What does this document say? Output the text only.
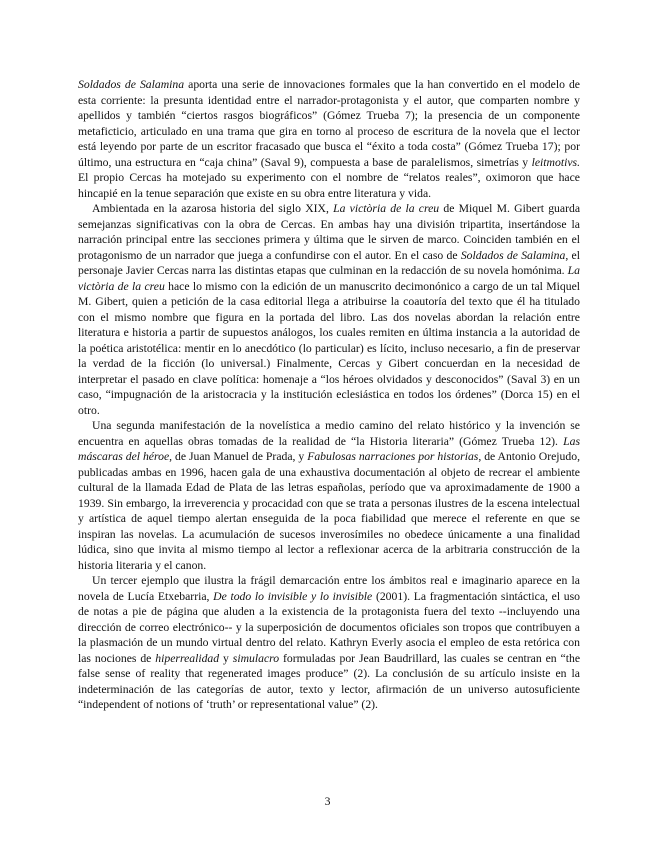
Soldados de Salamina aporta una serie de innovaciones formales que la han convertido en el modelo de esta corriente: la presunta identidad entre el narrador-protagonista y el autor, que comparten nombre y apellidos y también “ciertos rasgos biográficos” (Gómez Trueba 7); la presencia de un componente metaficticio, articulado en una trama que gira en torno al proceso de escritura de la novela que el lector está leyendo por parte de un escritor fracasado que busca el “éxito a toda costa” (Gómez Trueba 17); por último, una estructura en “caja china” (Saval 9), compuesta a base de paralelismos, simetrías y leitmotivs. El propio Cercas ha motejado su experimento con el nombre de “relatos reales”, oximoron que hace hincapié en la tenue separación que existe en su obra entre literatura y vida.

Ambientada en la azarosa historia del siglo XIX, La victòria de la creu de Miquel M. Gibert guarda semejanzas significativas con la obra de Cercas. En ambas hay una división tripartita, insertándose la narración principal entre las secciones primera y última que le sirven de marco. Coinciden también en el protagonismo de un narrador que juega a confundirse con el autor. En el caso de Soldados de Salamina, el personaje Javier Cercas narra las distintas etapas que culminan en la redacción de su novela homónima. La victòria de la creu hace lo mismo con la edición de un manuscrito decimonónico a cargo de un tal Miquel M. Gibert, quien a petición de la casa editorial llega a atribuirse la coautoría del texto que él ha titulado con el mismo nombre que figura en la portada del libro. Las dos novelas abordan la relación entre literatura e historia a partir de supuestos análogos, los cuales remiten en última instancia a la autoridad de la poética aristotélica: mentir en lo anecdótico (lo particular) es lícito, incluso necesario, a fin de preservar la verdad de la ficción (lo universal.) Finalmente, Cercas y Gibert concuerdan en la necesidad de interpretar el pasado en clave política: homenaje a “los héroes olvidados y desconocidos” (Saval 3) en un caso, “impugnación de la aristocracia y la institución eclesiástica en todos los órdenes” (Dorca 15) en el otro.

Una segunda manifestación de la novelística a medio camino del relato histórico y la invención se encuentra en aquellas obras tomadas de la realidad de “la Historia literaria” (Gómez Trueba 12). Las máscaras del héroe, de Juan Manuel de Prada, y Fabulosas narraciones por historias, de Antonio Orejudo, publicadas ambas en 1996, hacen gala de una exhaustiva documentación al objeto de recrear el ambiente cultural de la llamada Edad de Plata de las letras españolas, período que va aproximadamente de 1900 a 1939. Sin embargo, la irreverencia y procacidad con que se trata a personas ilustres de la escena intelectual y artística de aquel tiempo alertan enseguida de la poca fiabilidad que merece el referente en que se inspiran las novelas. La acumulación de sucesos inverosímiles no obedece únicamente a una finalidad lúdica, sino que invita al mismo tiempo al lector a reflexionar acerca de la arbitraria construcción de la historia literaria y el canon.

Un tercer ejemplo que ilustra la frágil demarcación entre los ámbitos real e imaginario aparece en la novela de Lucía Etxebarria, De todo lo invisible y lo invisible (2001). La fragmentación sintáctica, el uso de notas a pie de página que aluden a la existencia de la protagonista fuera del texto --incluyendo una dirección de correo electrónico-- y la superposición de documentos oficiales son tropos que contribuyen a la plasmación de un mundo virtual dentro del relato. Kathryn Everly asocia el empleo de esta retórica con las nociones de hiperrealidad y simulacro formuladas por Jean Baudrillard, las cuales se centran en “the false sense of reality that regenerated images produce” (2). La conclusión de su artículo insiste en la indeterminación de las categorías de autor, texto y lector, afirmación de un universo autosuficiente “independent of notions of ‘truth’ or representational value” (2).

3
